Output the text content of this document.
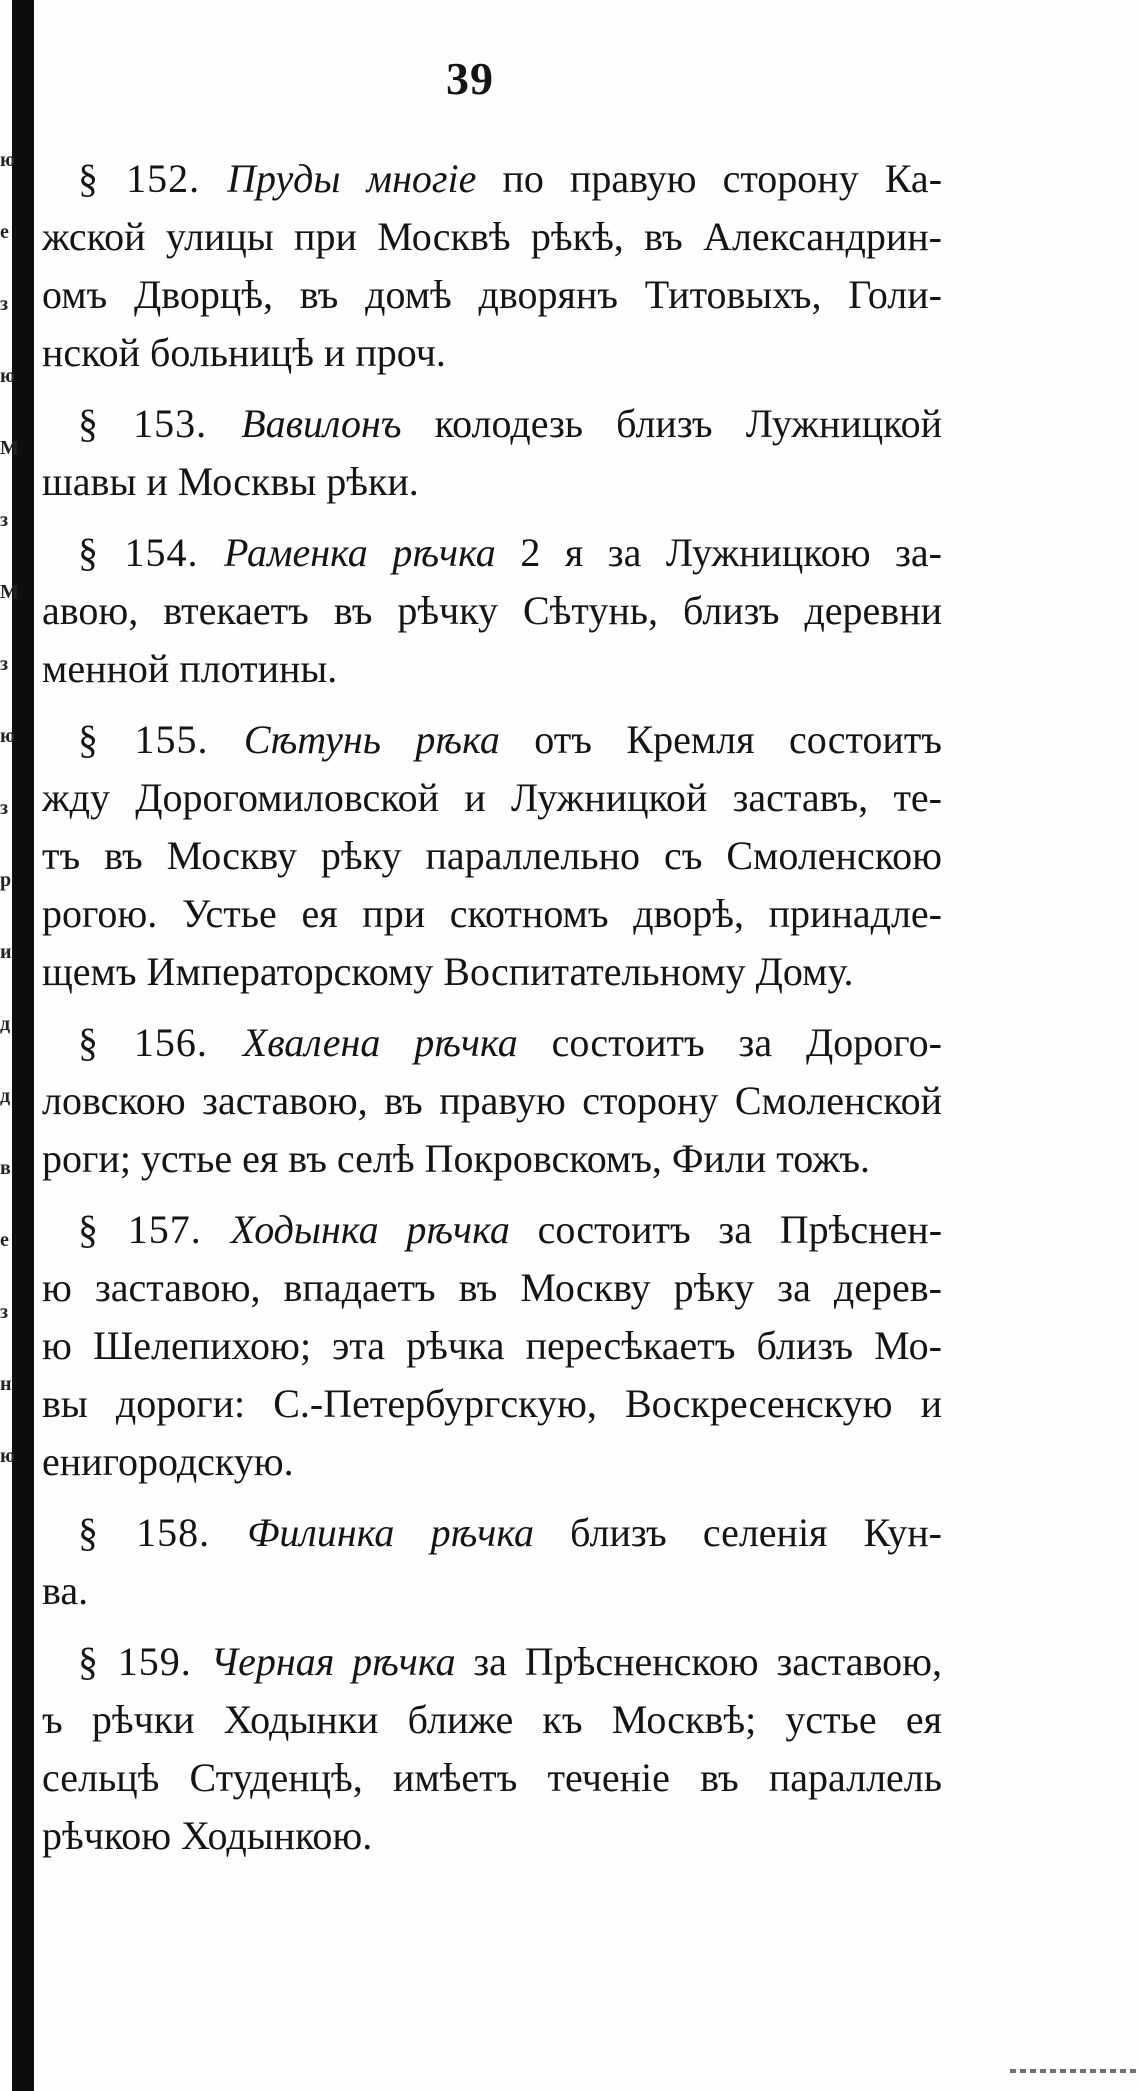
ю
е
з
ю
М
з
М
з
ю
з
р
и
д
д
в
е
з
н
ю
39
§ 152. Пруды многіе по правую сторону Ка-
жской улицы при Москвѣ рѣкѣ, въ Александрин-
омъ Дворцѣ, въ домѣ дворянъ Титовыхъ, Голи-
нской больницѣ и проч.
§ 153. Вавилонъ колодезь близъ Лужницкой
шавы и Москвы рѣки.
§ 154. Раменка рѣчка 2 я за Лужницкою за-
авою, втекаетъ въ рѣчку Сѣтунь, близъ деревни
менной плотины.
§ 155. Сѣтунь рѣка отъ Кремля состоитъ
жду Дорогомиловской и Лужницкой заставъ, те-
тъ въ Москву рѣку параллельно съ Смоленскою
рогою. Устье ея при скотномъ дворѣ, принадле-
щемъ Императорскому Воспитательному Дому.
§ 156. Хвалена рѣчка состоитъ за Дорого-
ловскою заставою, въ правую сторону Смоленской
роги; устье ея въ селѣ Покровскомъ, Фили тожъ.
§ 157. Ходынка рѣчка состоитъ за Прѣснен-
ю заставою, впадаетъ въ Москву рѣку за дерев-
ю Шелепихою; эта рѣчка пересѣкаетъ близъ Мо-
вы дороги: С.-Петербургскую, Воскресенскую и
енигородскую.
§ 158. Филинка рѣчка близъ селенія Кун-
ва.
§ 159. Черная рѣчка за Прѣсненскою заставою,
ъ рѣчки Ходынки ближе къ Москвѣ; устье ея
сельцѣ Студенцѣ, имѣетъ теченіе въ параллель
рѣчкою Ходынкою.
